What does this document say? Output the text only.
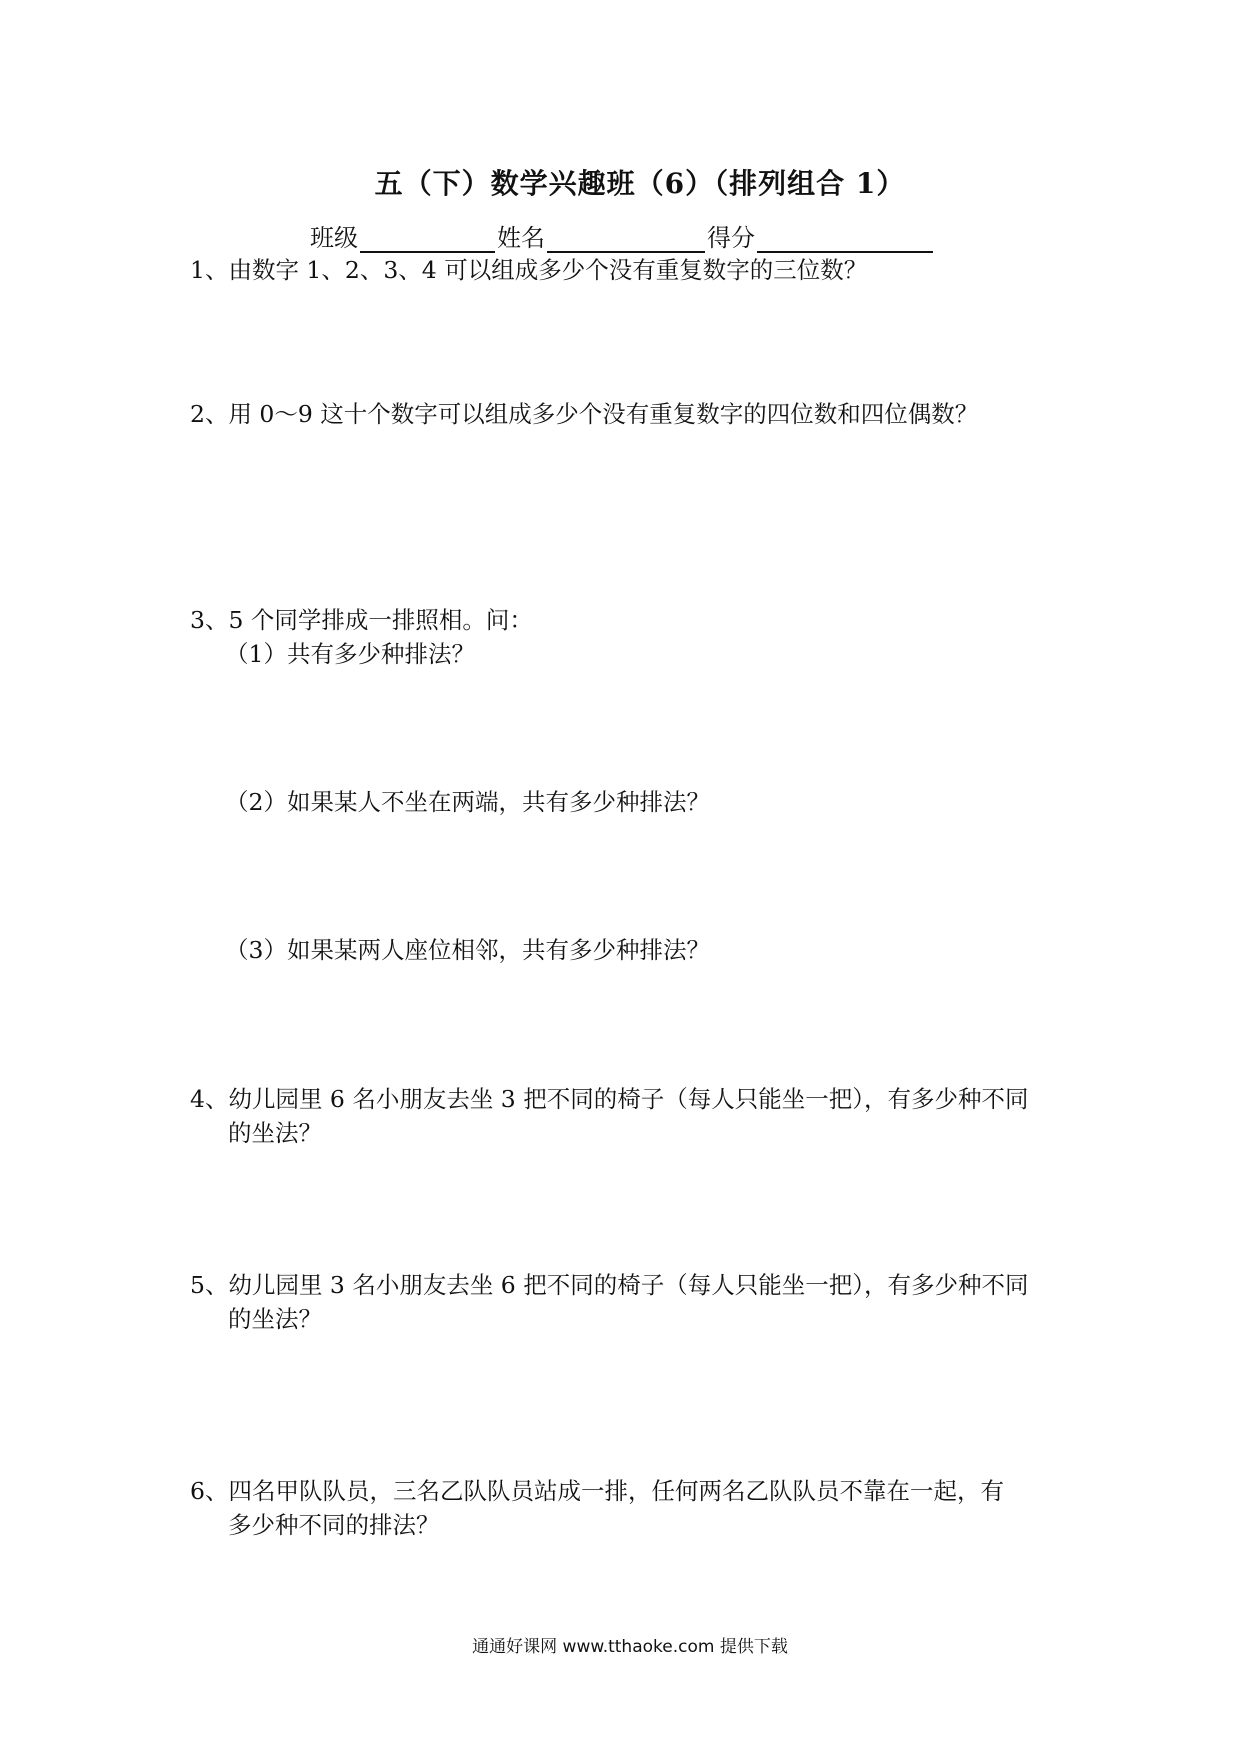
五（下）数学兴趣班（6）（排列组合 1）
班级	姓名	得分
1、由数字 1、2、3、4 可以组成多少个没有重复数字的三位数？
2、用 0～9 这十个数字可以组成多少个没有重复数字的四位数和四位偶数？
3、5 个同学排成一排照相。问：
（1）共有多少种排法？
（2）如果某人不坐在两端，共有多少种排法？
（3）如果某两人座位相邻，共有多少种排法？
4、幼儿园里 6 名小朋友去坐 3 把不同的椅子（每人只能坐一把），有多少种不同
的坐法？
5、幼儿园里 3 名小朋友去坐 6 把不同的椅子（每人只能坐一把），有多少种不同
的坐法？
6、四名甲队队员，三名乙队队员站成一排，任何两名乙队队员不靠在一起，有
多少种不同的排法？
通通好课网 www.tthaoke.com 提供下载
